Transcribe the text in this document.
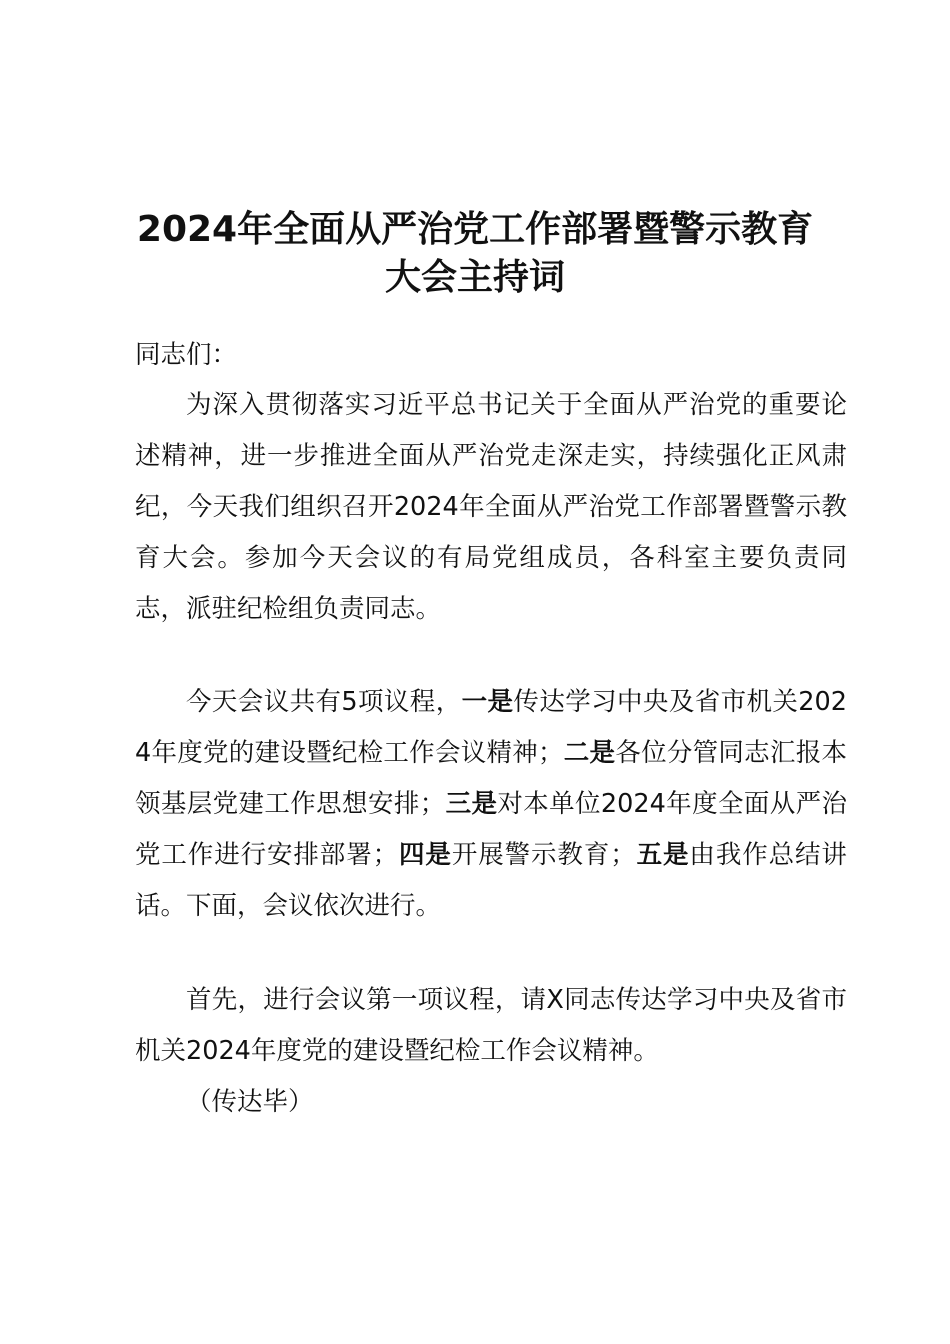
2024年全面从严治党工作部署暨警示教育
大会主持词
同志们：
为深入贯彻落实习近平总书记关于全面从严治党的重要论述精神，进一步推进全面从严治党走深走实，持续强化正风肃纪，今天我们组织召开2024年全面从严治党工作部署暨警示教育大会。参加今天会议的有局党组成员，各科室主要负责同志，派驻纪检组负责同志。
今天会议共有5项议程，一是传达学习中央及省市机关2024年度党的建设暨纪检工作会议精神；二是各位分管同志汇报本领基层党建工作思想安排；三是对本单位2024年度全面从严治党工作进行安排部署；四是开展警示教育；五是由我作总结讲话。下面，会议依次进行。
首先，进行会议第一项议程，请X同志传达学习中央及省市机关2024年度党的建设暨纪检工作会议精神。
（传达毕）
